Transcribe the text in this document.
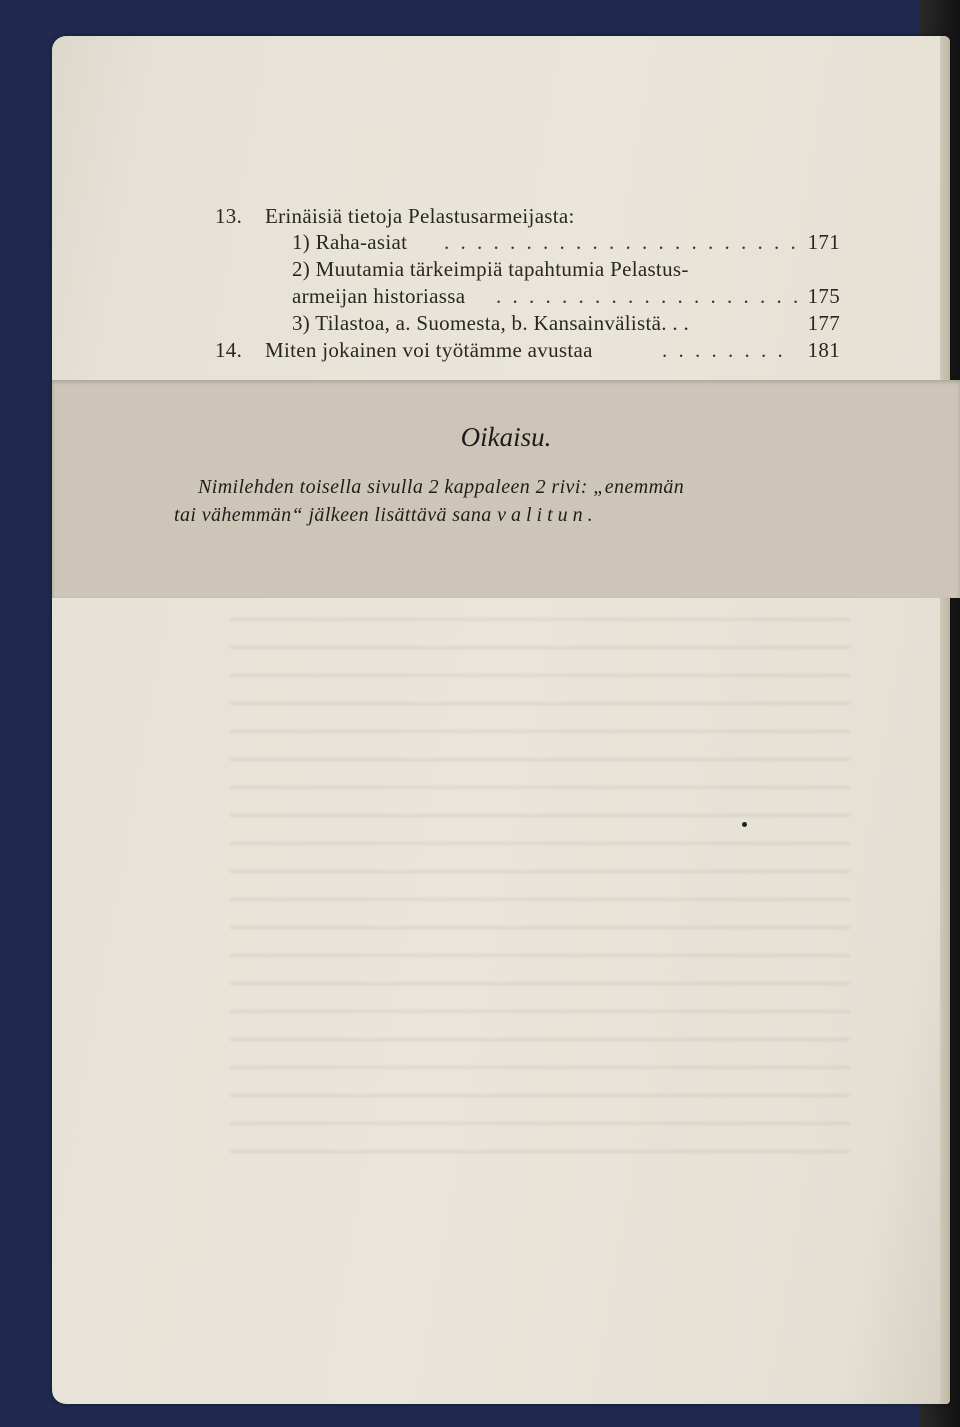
13. Erinäisiä tietoja Pelastusarmeijasta:
1) Raha-asiat . . . . . . . . . . . . . . . . . . . . . . 171
2) Muutamia tärkeimpiä tapahtumia Pelastus-
armeijan historiassa . . . . . . . . . . . . . . . . . . . 175
3) Tilastoa, a. Suomesta, b. Kansainvälistä. . .	177
14. Miten jokainen voi työtämme avustaa	. . . . . . . . 181
Oikaisu.
Nimilehden toisella sivulla 2 kappaleen 2 rivi: „enemmän
tai vähemmän“ jälkeen lisättävä sana valitun.
